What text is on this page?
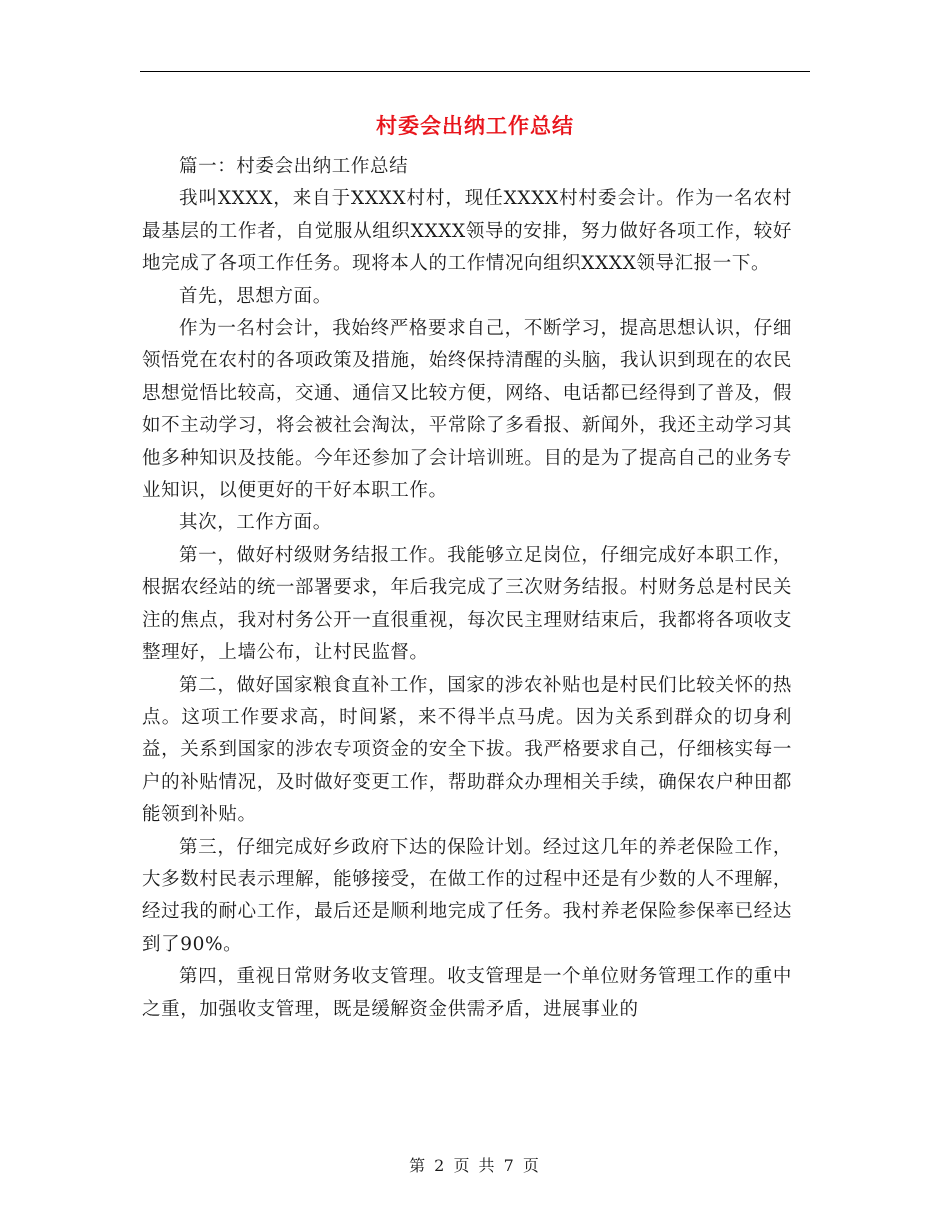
村委会出纳工作总结

篇一：村委会出纳工作总结

我叫XXXX，来自于XXXX村村，现任XXXX村村委会计。作为一名农村最基层的工作者，自觉服从组织XXXX领导的安排，努力做好各项工作，较好地完成了各项工作任务。现将本人的工作情况向组织XXXX领导汇报一下。

首先，思想方面。

作为一名村会计，我始终严格要求自己，不断学习，提高思想认识，仔细领悟党在农村的各项政策及措施，始终保持清醒的头脑，我认识到现在的农民思想觉悟比较高，交通、通信又比较方便，网络、电话都已经得到了普及，假如不主动学习，将会被社会淘汰，平常除了多看报、新闻外，我还主动学习其他多种知识及技能。今年还参加了会计培训班。目的是为了提高自己的业务专业知识，以便更好的干好本职工作。

其次，工作方面。

第一，做好村级财务结报工作。我能够立足岗位，仔细完成好本职工作，根据农经站的统一部署要求，年后我完成了三次财务结报。村财务总是村民关注的焦点，我对村务公开一直很重视，每次民主理财结束后，我都将各项收支整理好，上墙公布，让村民监督。

第二，做好国家粮食直补工作，国家的涉农补贴也是村民们比较关怀的热点。这项工作要求高，时间紧，来不得半点马虎。因为关系到群众的切身利益，关系到国家的涉农专项资金的安全下拔。我严格要求自己，仔细核实每一户的补贴情况，及时做好变更工作，帮助群众办理相关手续，确保农户种田都能领到补贴。

第三，仔细完成好乡政府下达的保险计划。经过这几年的养老保险工作，大多数村民表示理解，能够接受，在做工作的过程中还是有少数的人不理解，经过我的耐心工作，最后还是顺利地完成了任务。我村养老保险参保率已经达到了90%。

第四，重视日常财务收支管理。收支管理是一个单位财务管理工作的重中之重，加强收支管理，既是缓解资金供需矛盾，进展事业的

第 2 页 共 7 页
